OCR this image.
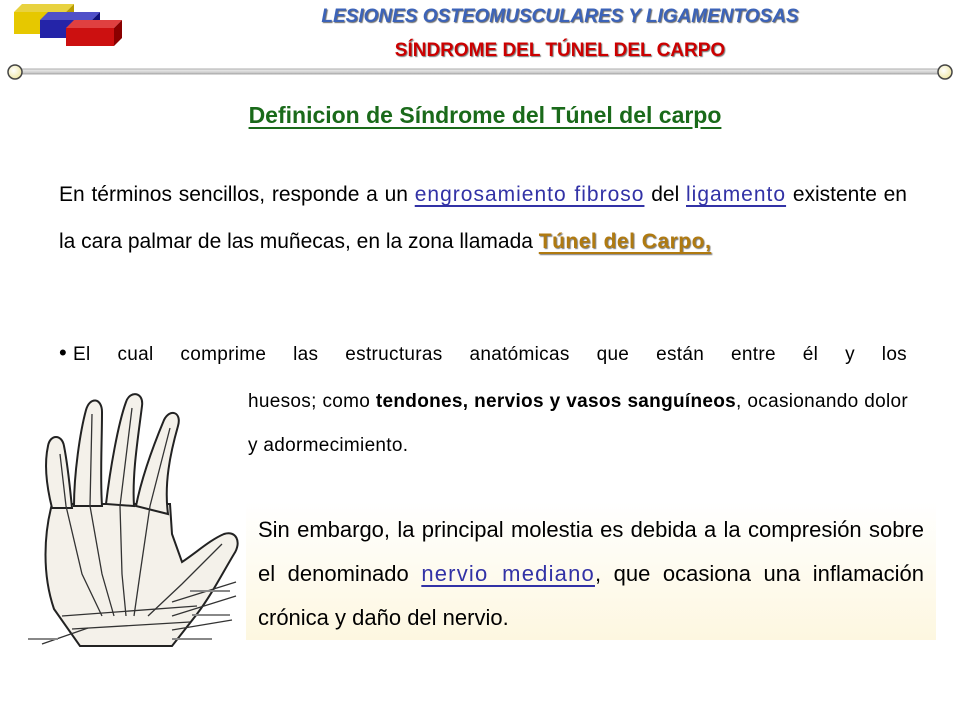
LESIONES OSTEOMUSCULARES Y LIGAMENTOSAS
SÍNDROME DEL TÚNEL DEL CARPO
Definicion de Síndrome del Túnel del carpo
En términos sencillos, responde a un engrosamiento fibroso del ligamento existente en la cara palmar de las muñecas, en la zona llamada Túnel del Carpo,
• El cual comprime las estructuras anatómicas que están entre él y los
huesos; como tendones, nervios y vasos sanguíneos, ocasionando dolor y adormecimiento.
Sin embargo, la principal molestia es debida a la compresión sobre el denominado nervio mediano, que ocasiona una inflamación crónica y daño del nervio.
